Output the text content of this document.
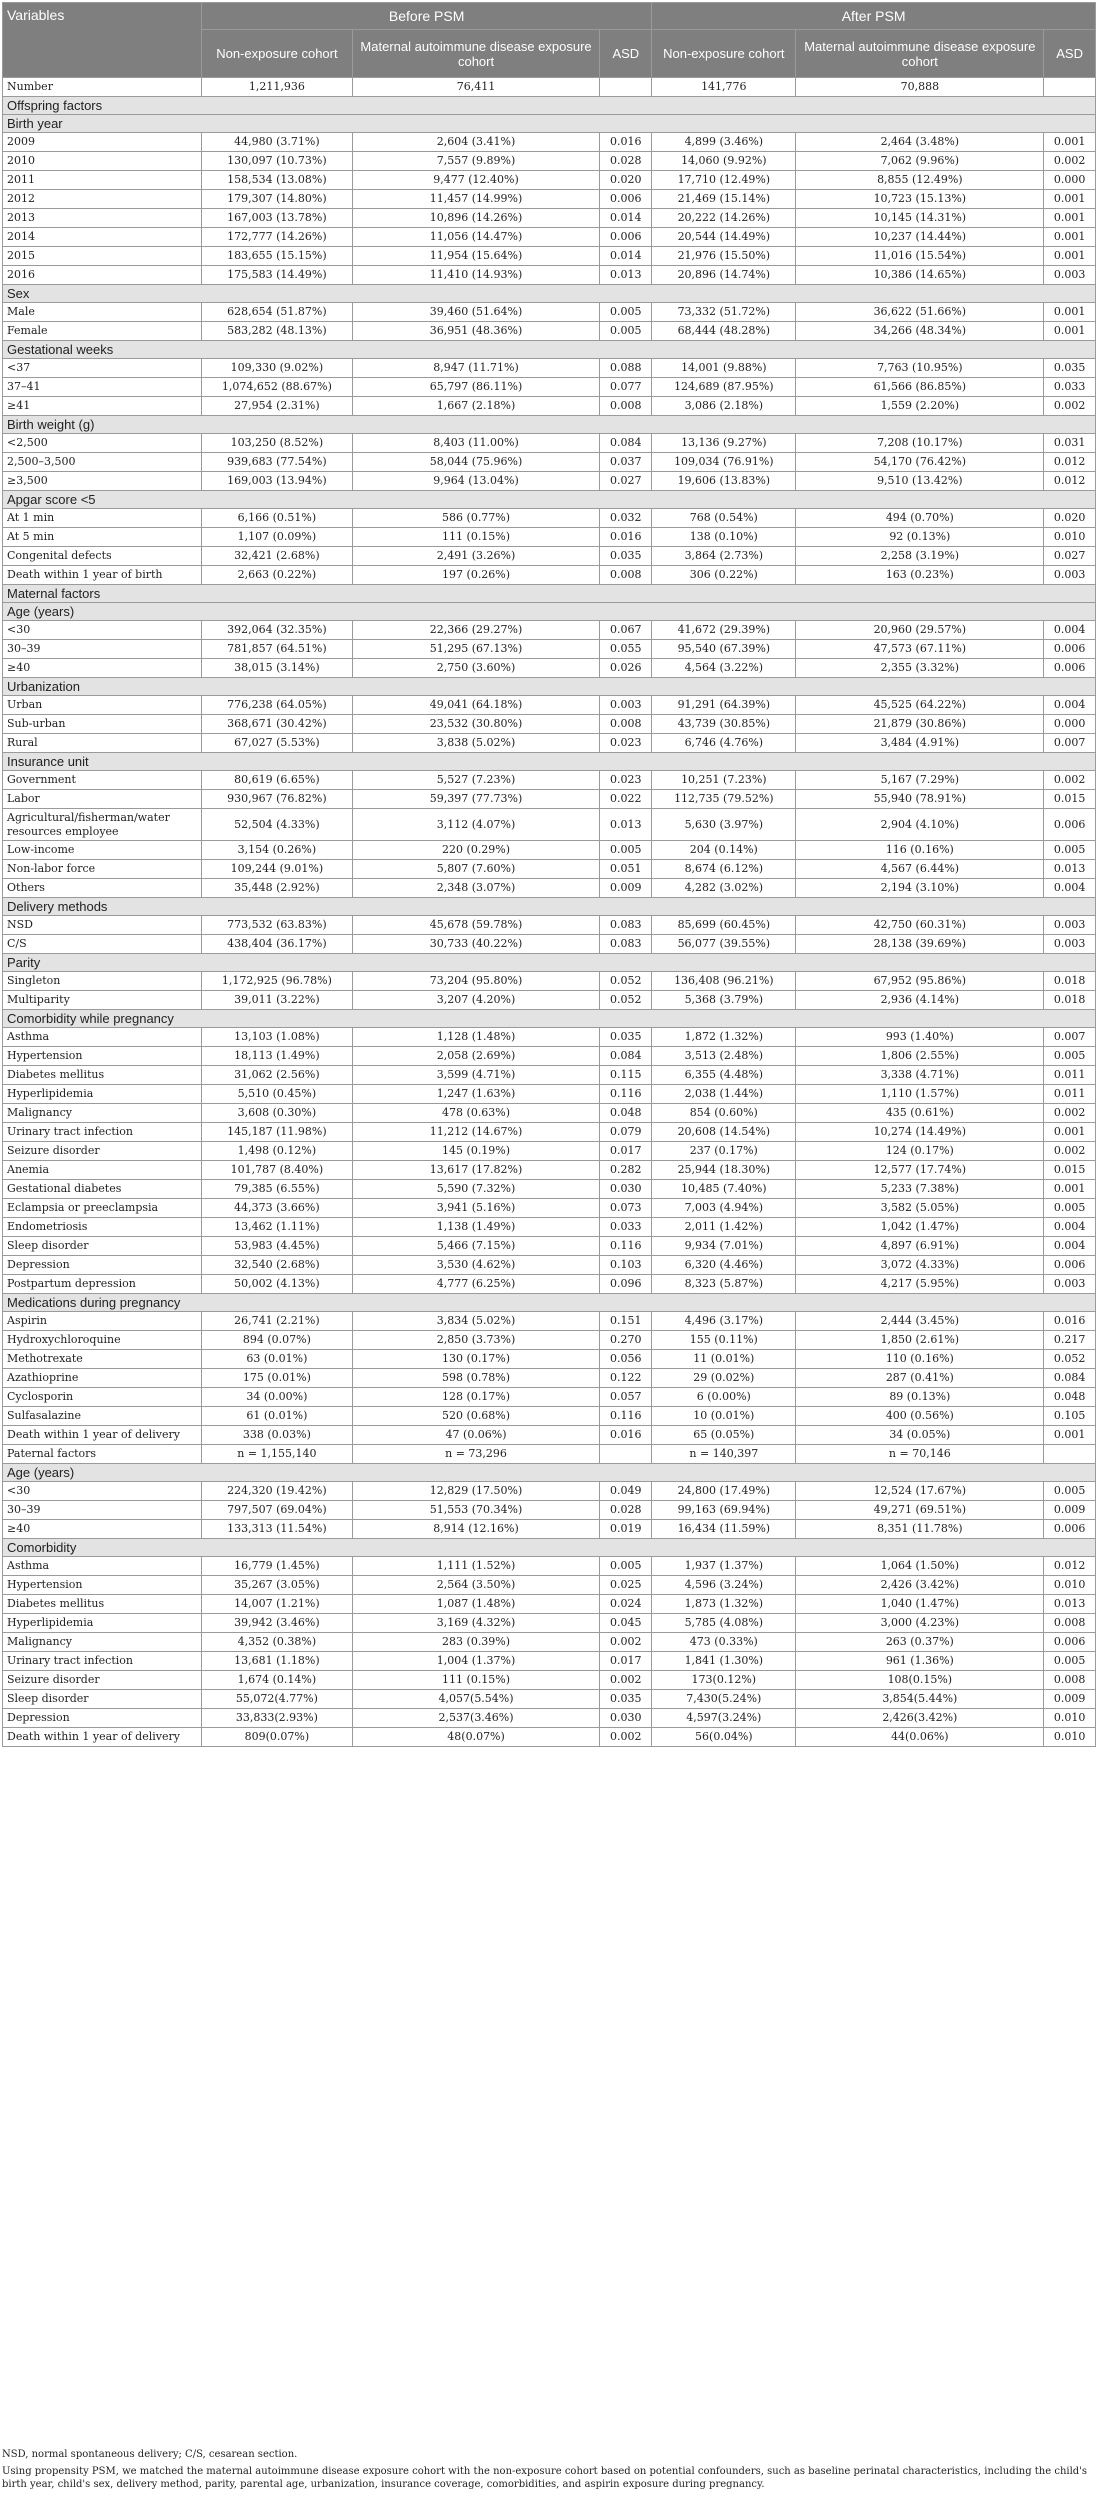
Variables	Before PSM			After PSM		
	Non-exposure cohort	Maternal autoimmune disease exposure cohort	ASD	Non-exposure cohort	Maternal autoimmune disease exposure cohort	ASD
Number	1,211,936	76,411		141,776	70,888	
Offspring factors						
Birth year						
2009	44,980 (3.71%)	2,604 (3.41%)	0.016	4,899 (3.46%)	2,464 (3.48%)	0.001
2010	130,097 (10.73%)	7,557 (9.89%)	0.028	14,060 (9.92%)	7,062 (9.96%)	0.002
2011	158,534 (13.08%)	9,477 (12.40%)	0.020	17,710 (12.49%)	8,855 (12.49%)	0.000
2012	179,307 (14.80%)	11,457 (14.99%)	0.006	21,469 (15.14%)	10,723 (15.13%)	0.001
2013	167,003 (13.78%)	10,896 (14.26%)	0.014	20,222 (14.26%)	10,145 (14.31%)	0.001
2014	172,777 (14.26%)	11,056 (14.47%)	0.006	20,544 (14.49%)	10,237 (14.44%)	0.001
2015	183,655 (15.15%)	11,954 (15.64%)	0.014	21,976 (15.50%)	11,016 (15.54%)	0.001
2016	175,583 (14.49%)	11,410 (14.93%)	0.013	20,896 (14.74%)	10,386 (14.65%)	0.003
Sex						
Male	628,654 (51.87%)	39,460 (51.64%)	0.005	73,332 (51.72%)	36,622 (51.66%)	0.001
Female	583,282 (48.13%)	36,951 (48.36%)	0.005	68,444 (48.28%)	34,266 (48.34%)	0.001
Gestational weeks						
<37	109,330 (9.02%)	8,947 (11.71%)	0.088	14,001 (9.88%)	7,763 (10.95%)	0.035
37–41	1,074,652 (88.67%)	65,797 (86.11%)	0.077	124,689 (87.95%)	61,566 (86.85%)	0.033
≥41	27,954 (2.31%)	1,667 (2.18%)	0.008	3,086 (2.18%)	1,559 (2.20%)	0.002
Birth weight (g)						
<2,500	103,250 (8.52%)	8,403 (11.00%)	0.084	13,136 (9.27%)	7,208 (10.17%)	0.031
2,500–3,500	939,683 (77.54%)	58,044 (75.96%)	0.037	109,034 (76.91%)	54,170 (76.42%)	0.012
≥3,500	169,003 (13.94%)	9,964 (13.04%)	0.027	19,606 (13.83%)	9,510 (13.42%)	0.012
Apgar score <5						
At 1 min	6,166 (0.51%)	586 (0.77%)	0.032	768 (0.54%)	494 (0.70%)	0.020
At 5 min	1,107 (0.09%)	111 (0.15%)	0.016	138 (0.10%)	92 (0.13%)	0.010
Congenital defects	32,421 (2.68%)	2,491 (3.26%)	0.035	3,864 (2.73%)	2,258 (3.19%)	0.027
Death within 1 year of birth	2,663 (0.22%)	197 (0.26%)	0.008	306 (0.22%)	163 (0.23%)	0.003
Maternal factors						
Age (years)						
<30	392,064 (32.35%)	22,366 (29.27%)	0.067	41,672 (29.39%)	20,960 (29.57%)	0.004
30–39	781,857 (64.51%)	51,295 (67.13%)	0.055	95,540 (67.39%)	47,573 (67.11%)	0.006
≥40	38,015 (3.14%)	2,750 (3.60%)	0.026	4,564 (3.22%)	2,355 (3.32%)	0.006
Urbanization						
Urban	776,238 (64.05%)	49,041 (64.18%)	0.003	91,291 (64.39%)	45,525 (64.22%)	0.004
Sub-urban	368,671 (30.42%)	23,532 (30.80%)	0.008	43,739 (30.85%)	21,879 (30.86%)	0.000
Rural	67,027 (5.53%)	3,838 (5.02%)	0.023	6,746 (4.76%)	3,484 (4.91%)	0.007
Insurance unit						
Government	80,619 (6.65%)	5,527 (7.23%)	0.023	10,251 (7.23%)	5,167 (7.29%)	0.002
Labor	930,967 (76.82%)	59,397 (77.73%)	0.022	112,735 (79.52%)	55,940 (78.91%)	0.015
Agricultural/fisherman/water resources employee	52,504 (4.33%)	3,112 (4.07%)	0.013	5,630 (3.97%)	2,904 (4.10%)	0.006
Low-income	3,154 (0.26%)	220 (0.29%)	0.005	204 (0.14%)	116 (0.16%)	0.005
Non-labor force	109,244 (9.01%)	5,807 (7.60%)	0.051	8,674 (6.12%)	4,567 (6.44%)	0.013
Others	35,448 (2.92%)	2,348 (3.07%)	0.009	4,282 (3.02%)	2,194 (3.10%)	0.004
Delivery methods						
NSD	773,532 (63.83%)	45,678 (59.78%)	0.083	85,699 (60.45%)	42,750 (60.31%)	0.003
C/S	438,404 (36.17%)	30,733 (40.22%)	0.083	56,077 (39.55%)	28,138 (39.69%)	0.003
Parity						
Singleton	1,172,925 (96.78%)	73,204 (95.80%)	0.052	136,408 (96.21%)	67,952 (95.86%)	0.018
Multiparity	39,011 (3.22%)	3,207 (4.20%)	0.052	5,368 (3.79%)	2,936 (4.14%)	0.018
Comorbidity while pregnancy						
Asthma	13,103 (1.08%)	1,128 (1.48%)	0.035	1,872 (1.32%)	993 (1.40%)	0.007
Hypertension	18,113 (1.49%)	2,058 (2.69%)	0.084	3,513 (2.48%)	1,806 (2.55%)	0.005
Diabetes mellitus	31,062 (2.56%)	3,599 (4.71%)	0.115	6,355 (4.48%)	3,338 (4.71%)	0.011
Hyperlipidemia	5,510 (0.45%)	1,247 (1.63%)	0.116	2,038 (1.44%)	1,110 (1.57%)	0.011
Malignancy	3,608 (0.30%)	478 (0.63%)	0.048	854 (0.60%)	435 (0.61%)	0.002
Urinary tract infection	145,187 (11.98%)	11,212 (14.67%)	0.079	20,608 (14.54%)	10,274 (14.49%)	0.001
Seizure disorder	1,498 (0.12%)	145 (0.19%)	0.017	237 (0.17%)	124 (0.17%)	0.002
Anemia	101,787 (8.40%)	13,617 (17.82%)	0.282	25,944 (18.30%)	12,577 (17.74%)	0.015
Gestational diabetes	79,385 (6.55%)	5,590 (7.32%)	0.030	10,485 (7.40%)	5,233 (7.38%)	0.001
Eclampsia or preeclampsia	44,373 (3.66%)	3,941 (5.16%)	0.073	7,003 (4.94%)	3,582 (5.05%)	0.005
Endometriosis	13,462 (1.11%)	1,138 (1.49%)	0.033	2,011 (1.42%)	1,042 (1.47%)	0.004
Sleep disorder	53,983 (4.45%)	5,466 (7.15%)	0.116	9,934 (7.01%)	4,897 (6.91%)	0.004
Depression	32,540 (2.68%)	3,530 (4.62%)	0.103	6,320 (4.46%)	3,072 (4.33%)	0.006
Postpartum depression	50,002 (4.13%)	4,777 (6.25%)	0.096	8,323 (5.87%)	4,217 (5.95%)	0.003
Medications during pregnancy						
Aspirin	26,741 (2.21%)	3,834 (5.02%)	0.151	4,496 (3.17%)	2,444 (3.45%)	0.016
Hydroxychloroquine	894 (0.07%)	2,850 (3.73%)	0.270	155 (0.11%)	1,850 (2.61%)	0.217
Methotrexate	63 (0.01%)	130 (0.17%)	0.056	11 (0.01%)	110 (0.16%)	0.052
Azathioprine	175 (0.01%)	598 (0.78%)	0.122	29 (0.02%)	287 (0.41%)	0.084
Cyclosporin	34 (0.00%)	128 (0.17%)	0.057	6 (0.00%)	89 (0.13%)	0.048
Sulfasalazine	61 (0.01%)	520 (0.68%)	0.116	10 (0.01%)	400 (0.56%)	0.105
Death within 1 year of delivery	338 (0.03%)	47 (0.06%)	0.016	65 (0.05%)	34 (0.05%)	0.001
Paternal factors	n = 1,155,140	n = 73,296		n = 140,397	n = 70,146	
Age (years)						
<30	224,320 (19.42%)	12,829 (17.50%)	0.049	24,800 (17.49%)	12,524 (17.67%)	0.005
30–39	797,507 (69.04%)	51,553 (70.34%)	0.028	99,163 (69.94%)	49,271 (69.51%)	0.009
≥40	133,313 (11.54%)	8,914 (12.16%)	0.019	16,434 (11.59%)	8,351 (11.78%)	0.006
Comorbidity						
Asthma	16,779 (1.45%)	1,111 (1.52%)	0.005	1,937 (1.37%)	1,064 (1.50%)	0.012
Hypertension	35,267 (3.05%)	2,564 (3.50%)	0.025	4,596 (3.24%)	2,426 (3.42%)	0.010
Diabetes mellitus	14,007 (1.21%)	1,087 (1.48%)	0.024	1,873 (1.32%)	1,040 (1.47%)	0.013
Hyperlipidemia	39,942 (3.46%)	3,169 (4.32%)	0.045	5,785 (4.08%)	3,000 (4.23%)	0.008
Malignancy	4,352 (0.38%)	283 (0.39%)	0.002	473 (0.33%)	263 (0.37%)	0.006
Urinary tract infection	13,681 (1.18%)	1,004 (1.37%)	0.017	1,841 (1.30%)	961 (1.36%)	0.005
Seizure disorder	1,674 (0.14%)	111 (0.15%)	0.002	173(0.12%)	108(0.15%)	0.008
Sleep disorder	55,072(4.77%)	4,057(5.54%)	0.035	7,430(5.24%)	3,854(5.44%)	0.009
Depression	33,833(2.93%)	2,537(3.46%)	0.030	4,597(3.24%)	2,426(3.42%)	0.010
Death within 1 year of delivery	809(0.07%)	48(0.07%)	0.002	56(0.04%)	44(0.06%)	0.010

NSD, normal spontaneous delivery; C/S, cesarean section.

Using propensity PSM, we matched the maternal autoimmune disease exposure cohort with the non-exposure cohort based on potential confounders, such as baseline perinatal characteristics, including the child's birth year, child's sex, delivery method, parity, parental age, urbanization, insurance coverage, comorbidities, and aspirin exposure during pregnancy.
